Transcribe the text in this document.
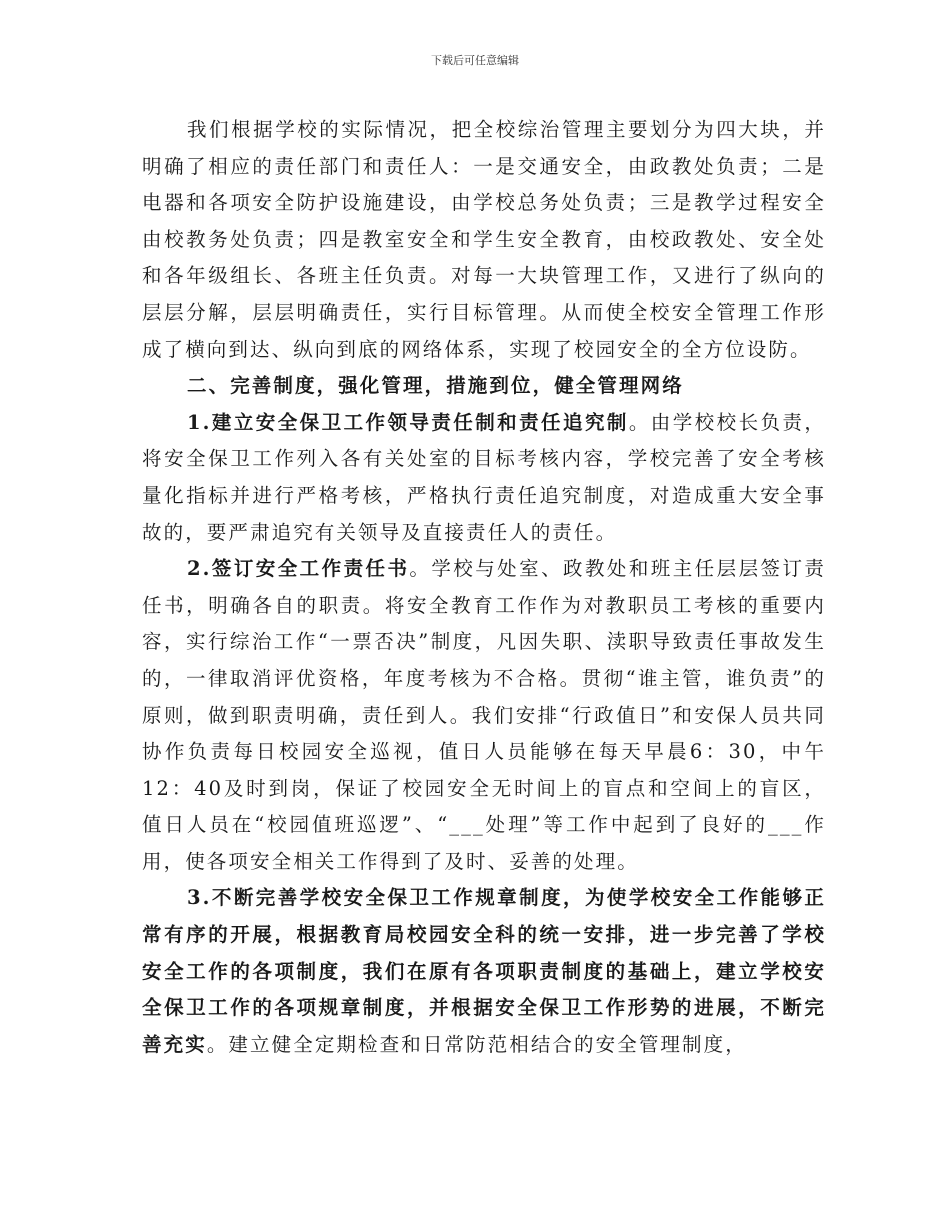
下载后可任意编辑

我们根据学校的实际情况，把全校综治管理主要划分为四大块，并明确了相应的责任部门和责任人：一是交通安全，由政教处负责；二是电器和各项安全防护设施建设，由学校总务处负责；三是教学过程安全由校教务处负责；四是教室安全和学生安全教育，由校政教处、安全处和各年级组长、各班主任负责。对每一大块管理工作，又进行了纵向的层层分解，层层明确责任，实行目标管理。从而使全校安全管理工作形成了横向到达、纵向到底的网络体系，实现了校园安全的全方位设防。

二、完善制度，强化管理，措施到位，健全管理网络

1.建立安全保卫工作领导责任制和责任追究制。由学校校长负责，将安全保卫工作列入各有关处室的目标考核内容，学校完善了安全考核量化指标并进行严格考核，严格执行责任追究制度，对造成重大安全事故的，要严肃追究有关领导及直接责任人的责任。

2.签订安全工作责任书。学校与处室、政教处和班主任层层签订责任书，明确各自的职责。将安全教育工作作为对教职员工考核的重要内容，实行综治工作“一票否决”制度，凡因失职、渎职导致责任事故发生的，一律取消评优资格，年度考核为不合格。贯彻“谁主管，谁负责”的原则，做到职责明确，责任到人。我们安排“行政值日”和安保人员共同协作负责每日校园安全巡视，值日人员能够在每天早晨6：30，中午12：40及时到岗，保证了校园安全无时间上的盲点和空间上的盲区，值日人员在“校园值班巡逻”、“___处理”等工作中起到了良好的___作用，使各项安全相关工作得到了及时、妥善的处理。

3.不断完善学校安全保卫工作规章制度，为使学校安全工作能够正常有序的开展，根据教育局校园安全科的统一安排，进一步完善了学校安全工作的各项制度，我们在原有各项职责制度的基础上，建立学校安全保卫工作的各项规章制度，并根据安全保卫工作形势的进展，不断完善充实。建立健全定期检查和日常防范相结合的安全管理制度，
